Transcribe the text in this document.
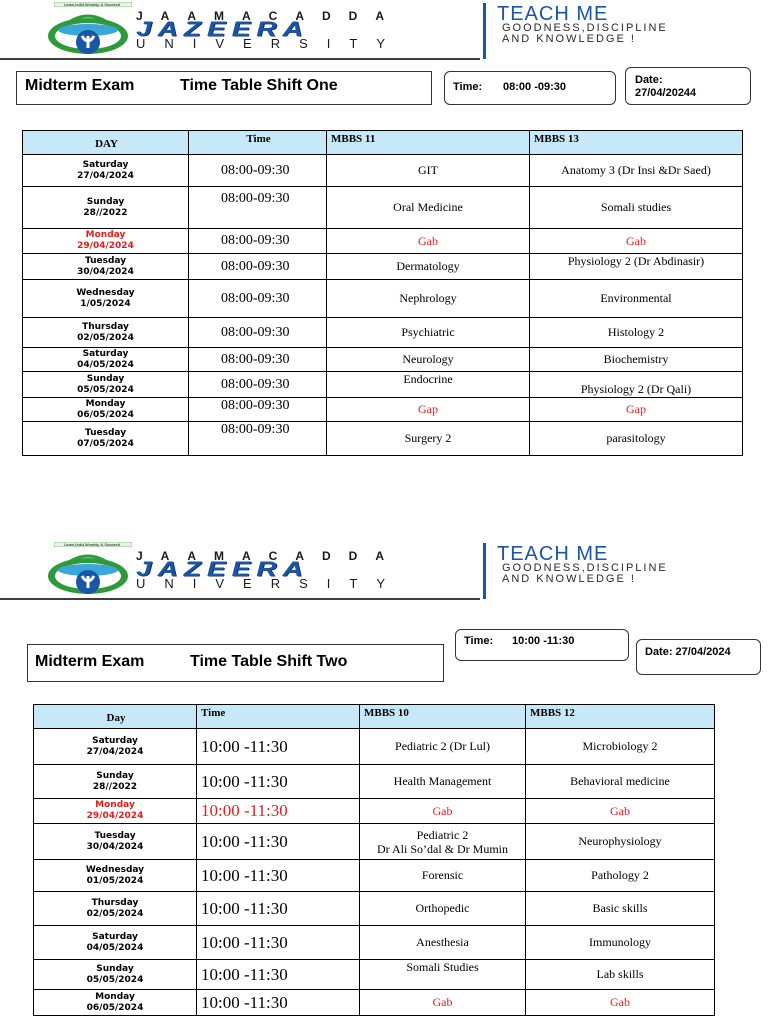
Learn,build,Worship & Succeed
JAAMACADDA
JAZEERA
UNIVERSITY
TEACH ME
GOODNESS,DISCIPLINE
AND KNOWLEDGE !
Midterm Exam	Time Table Shift One	Time: 08:00 -09:30
Date:
27/04/20244
DAY	Time	MBBS 11	MBBS 13

Saturday
27/04/2024	08:00-09:30	GIT	Anatomy 3 (Dr Insi &Dr Saed)

Sunday
28//2022	08:00-09:30	Oral Medicine	Somali studies

Monday
29/04/2024	08:00-09:30	Gab	Gab

Tuesday
30/04/2024	08:00-09:30	Dermatology	Physiology 2 (Dr Abdinasir)

Wednesday
1/05/2024	08:00-09:30	Nephrology	Environmental

Thursday
02/05/2024	08:00-09:30	Psychiatric	Histology 2

Saturday
04/05/2024	08:00-09:30	Neurology	Biochemistry

Sunday
05/05/2024	08:00-09:30	Endocrine	Physiology 2 (Dr Qali)

Monday
06/05/2024	08:00-09:30	Gap	Gap

Tuesday
07/05/2024	08:00-09:30	Surgery 2	parasitology
Learn,build,Worship & Succeed
JAAMACADDA
JAZEERA
UNIVERSITY
TEACH ME
GOODNESS,DISCIPLINE
AND KNOWLEDGE !
Time: 10:00 -11:30
Midterm Exam	Time Table Shift Two
Date: 27/04/2024
Day	Time	MBBS 10	MBBS 12

Saturday
27/04/2024	10:00 -11:30	Pediatric 2 (Dr Lul)	Microbiology 2

Sunday
28//2022	10:00 -11:30	Health Management	Behavioral medicine

Monday
29/04/2024	10:00 -11:30	Gab	Gab

Tuesday
30/04/2024	10:00 -11:30	Pediatric 2
Dr Ali So’dal & Dr Mumin	Neurophysiology

Wednesday
01/05/2024	10:00 -11:30	Forensic	Pathology 2

Thursday
02/05/2024	10:00 -11:30	Orthopedic	Basic skills

Saturday
04/05/2024	10:00 -11:30	Anesthesia	Immunology

Sunday
05/05/2024	10:00 -11:30	Somali Studies	Lab skills

Monday
06/05/2024	10:00 -11:30	Gab	Gab
